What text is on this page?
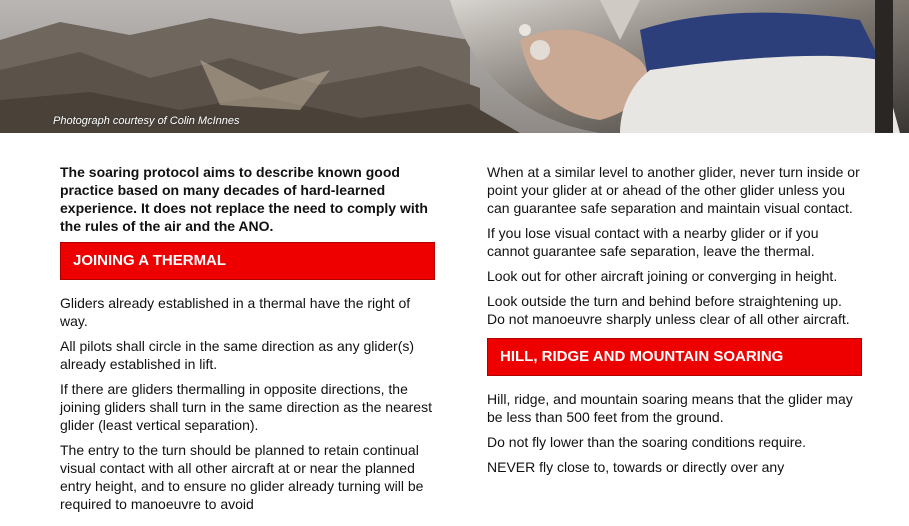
Photograph courtesy of Colin McInnes

The soaring protocol aims to describe known good practice based on many decades of hard-learned experience. It does not replace the need to comply with the rules of the air and the ANO.

JOINING A THERMAL

Gliders already established in a thermal have the right of way.

All pilots shall circle in the same direction as any glider(s) already established in lift.

If there are gliders thermalling in opposite directions, the joining gliders shall turn in the same direction as the nearest glider (least vertical separation).

The entry to the turn should be planned to retain continual visual contact with all other aircraft at or near the planned entry height, and to ensure no glider already turning will be required to manoeuvre to avoid

When at a similar level to another glider, never turn inside or point your glider at or ahead of the other glider unless you can guarantee safe separation and maintain visual contact.

If you lose visual contact with a nearby glider or if you cannot guarantee safe separation, leave the thermal.

Look out for other aircraft joining or converging in height.

Look outside the turn and behind before straightening up. Do not manoeuvre sharply unless clear of all other aircraft.

HILL, RIDGE AND MOUNTAIN SOARING

Hill, ridge, and mountain soaring means that the glider may be less than 500 feet from the ground.

Do not fly lower than the soaring conditions require.

NEVER fly close to, towards or directly over any
